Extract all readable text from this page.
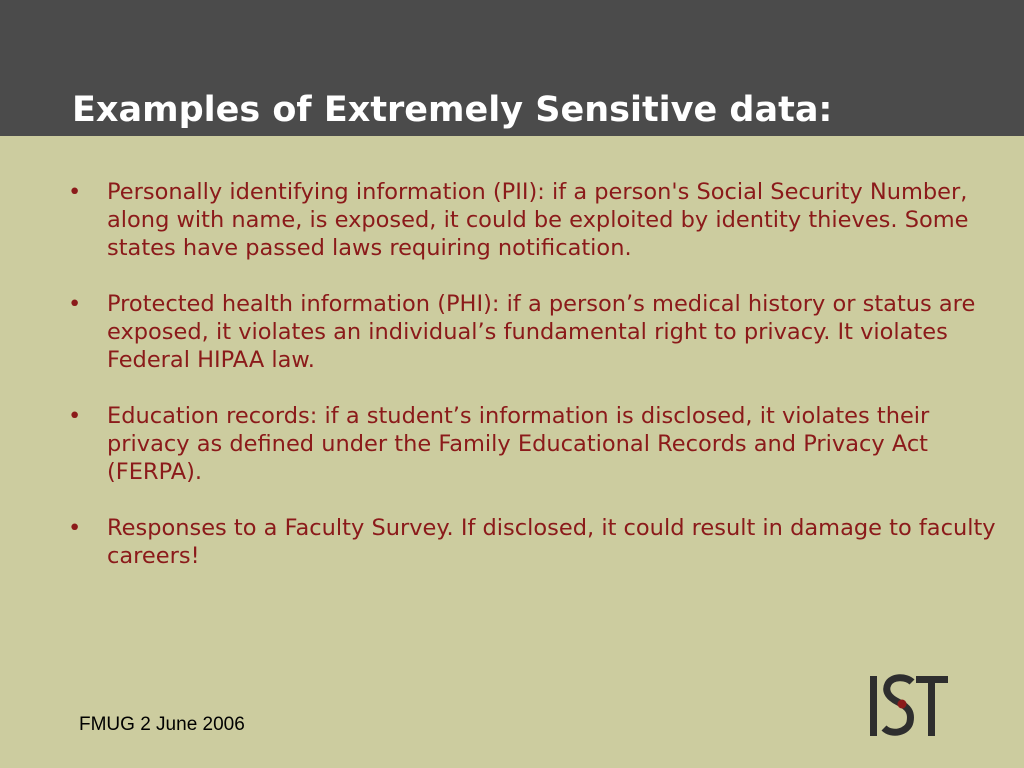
Examples of Extremely Sensitive data:
• Personally identifying information (PII): if a person's Social Security Number, along with name, is exposed, it could be exploited by identity thieves. Some states have passed laws requiring notification.
• Protected health information (PHI): if a person’s medical history or status are exposed, it violates an individual’s fundamental right to privacy. It violates Federal HIPAA law.
• Education records: if a student’s information is disclosed, it violates their privacy as defined under the Family Educational Records and Privacy Act (FERPA).
• Responses to a Faculty Survey. If disclosed, it could result in damage to faculty careers!
FMUG 2 June 2006
